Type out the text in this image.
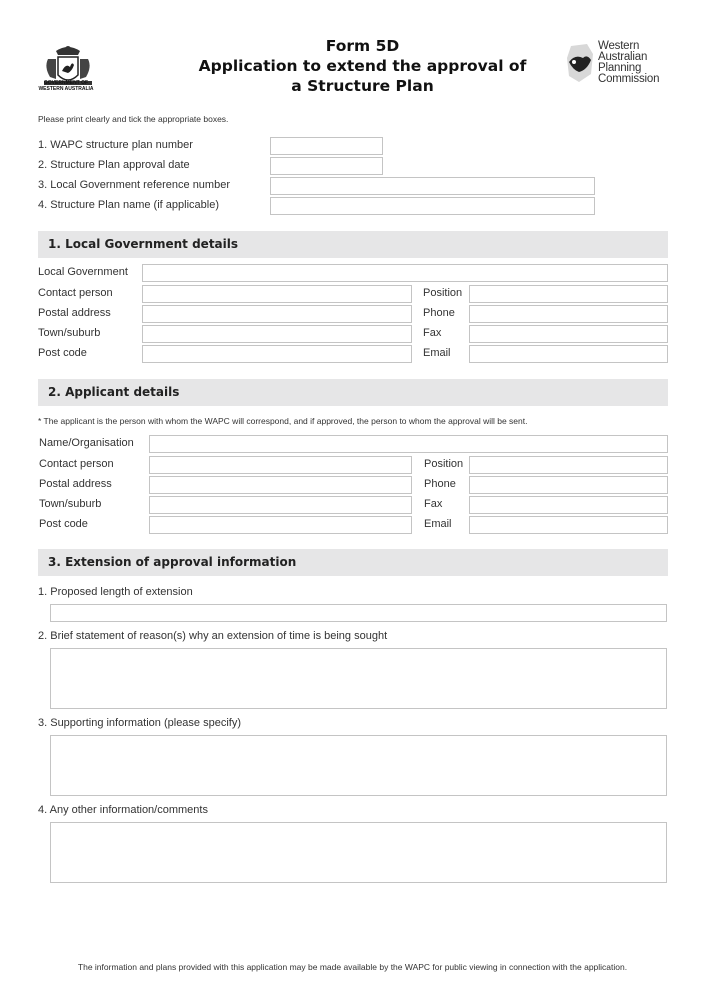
GOVERNMENT OF
WESTERN AUSTRALIA
Form 5D
Application to extend the approval of
a Structure Plan
Western
Australian
Planning
Commission
Please print clearly and tick the appropriate boxes.
1. WAPC structure plan number
2. Structure Plan approval date
3. Local Government reference number
4. Structure Plan name (if applicable)
1. Local Government details
Local Government
Contact person	Position
Postal address	Phone
Town/suburb	Fax
Post code	Email
2. Applicant details
* The applicant is the person with whom the WAPC will correspond, and if approved, the person to whom the approval will be sent.
Name/Organisation
Contact person	Position
Postal address	Phone
Town/suburb	Fax
Post code	Email
3. Extension of approval information
1. Proposed length of extension
2. Brief statement of reason(s) why an extension of time is being sought
3. Supporting information (please specify)
4. Any other information/comments
The information and plans provided with this application may be made available by the WAPC for public viewing in connection with the application.
